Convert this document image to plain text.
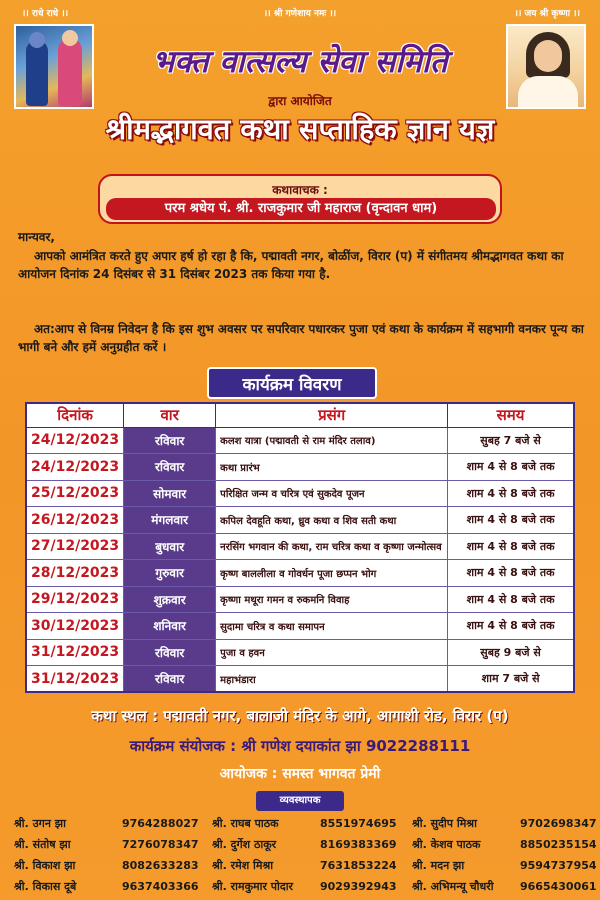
।। राधे राधे ।।	।। श्री गणेशाय नमः ।।	।। जय श्री कृष्णा ।।
भक्त वात्सल्य सेवा समिति
द्वारा आयोजित
श्रीमद्भागवत कथा सप्ताहिक ज्ञान यज्ञ
कथावाचक :
परम श्रधेय पं. श्री. राजकुमार जी महाराज (वृन्दावन धाम)
मान्यवर,
आपको आमंत्रित करते हुए अपार हर्ष हो रहा है कि, पद्मावती नगर, बोळींज, विरार (प) में संगीतमय श्रीमद्भागवत कथा का आयोजन दिनांक 24 दिसंबर से 31 दिसंबर 2023 तक किया गया है.
अत:आप से विनम्र निवेदन है कि इस शुभ अवसर पर सपरिवार पधारकर पुजा एवं कथा के कार्यक्रम में सहभागी वनकर पून्य का भागी बने और हमें अनुग्रहीत करें ।
कार्यक्रम विवरण
दिनांक	वार	प्रसंग	समय
24/12/2023	रविवार	कलश यात्रा (पद्मावती से राम मंदिर तलाव)	सुबह 7 बजे से
24/12/2023	रविवार	कथा प्रारंभ	शाम 4 से 8 बजे तक
25/12/2023	सोमवार	परिक्षित जन्म व चरित्र एवं सुकदेव पूजन	शाम 4 से 8 बजे तक
26/12/2023	मंगलवार	कपिल देवहूति कथा, ध्रुव कथा व शिव सती कथा	शाम 4 से 8 बजे तक
27/12/2023	बुधवार	नरसिंग भगवान की कथा, राम चरित्र कथा व कृष्णा जन्मोत्सव	शाम 4 से 8 बजे तक
28/12/2023	गुरुवार	कृष्ण बाललीला व गोवर्धन पूजा छप्पन भोग	शाम 4 से 8 बजे तक
29/12/2023	शुक्रवार	कृष्णा मथूरा गमन व रुकमनि विवाह	शाम 4 से 8 बजे तक
30/12/2023	शनिवार	सुदामा चरित्र व कथा समापन	शाम 4 से 8 बजे तक
31/12/2023	रविवार	पुजा व हवन	सुबह 9 बजे से
31/12/2023	रविवार	महाभंडारा	शाम 7 बजे से
कथा स्थल : पद्मावती नगर, बालाजी मंदिर के आगे, आगाशी रोड, विरार (प)
कार्यक्रम संयोजक : श्री गणेश दयाकांत झा 9022288111
आयोजक : समस्त भागवत प्रेमी
व्यवस्थापक
श्री. उगन झा	9764288027 श्री. राघब पाठक	8551974695 श्री. सुदीप मिश्रा	9702698347
श्री. संतोष झा	7276078347 श्री. दुर्गेश ठाकूर	8169383369 श्री. केशव पाठक	8850235154
श्री. विकाश झा	8082633283 श्री. रमेश मिश्रा	7631853224 श्री. मदन झा	9594737954
श्री. विकास दूबे	9637403366 श्री. रामकुमार पोदार 9029392943 श्री. अभिमन्यू चौधरी 9665430061
